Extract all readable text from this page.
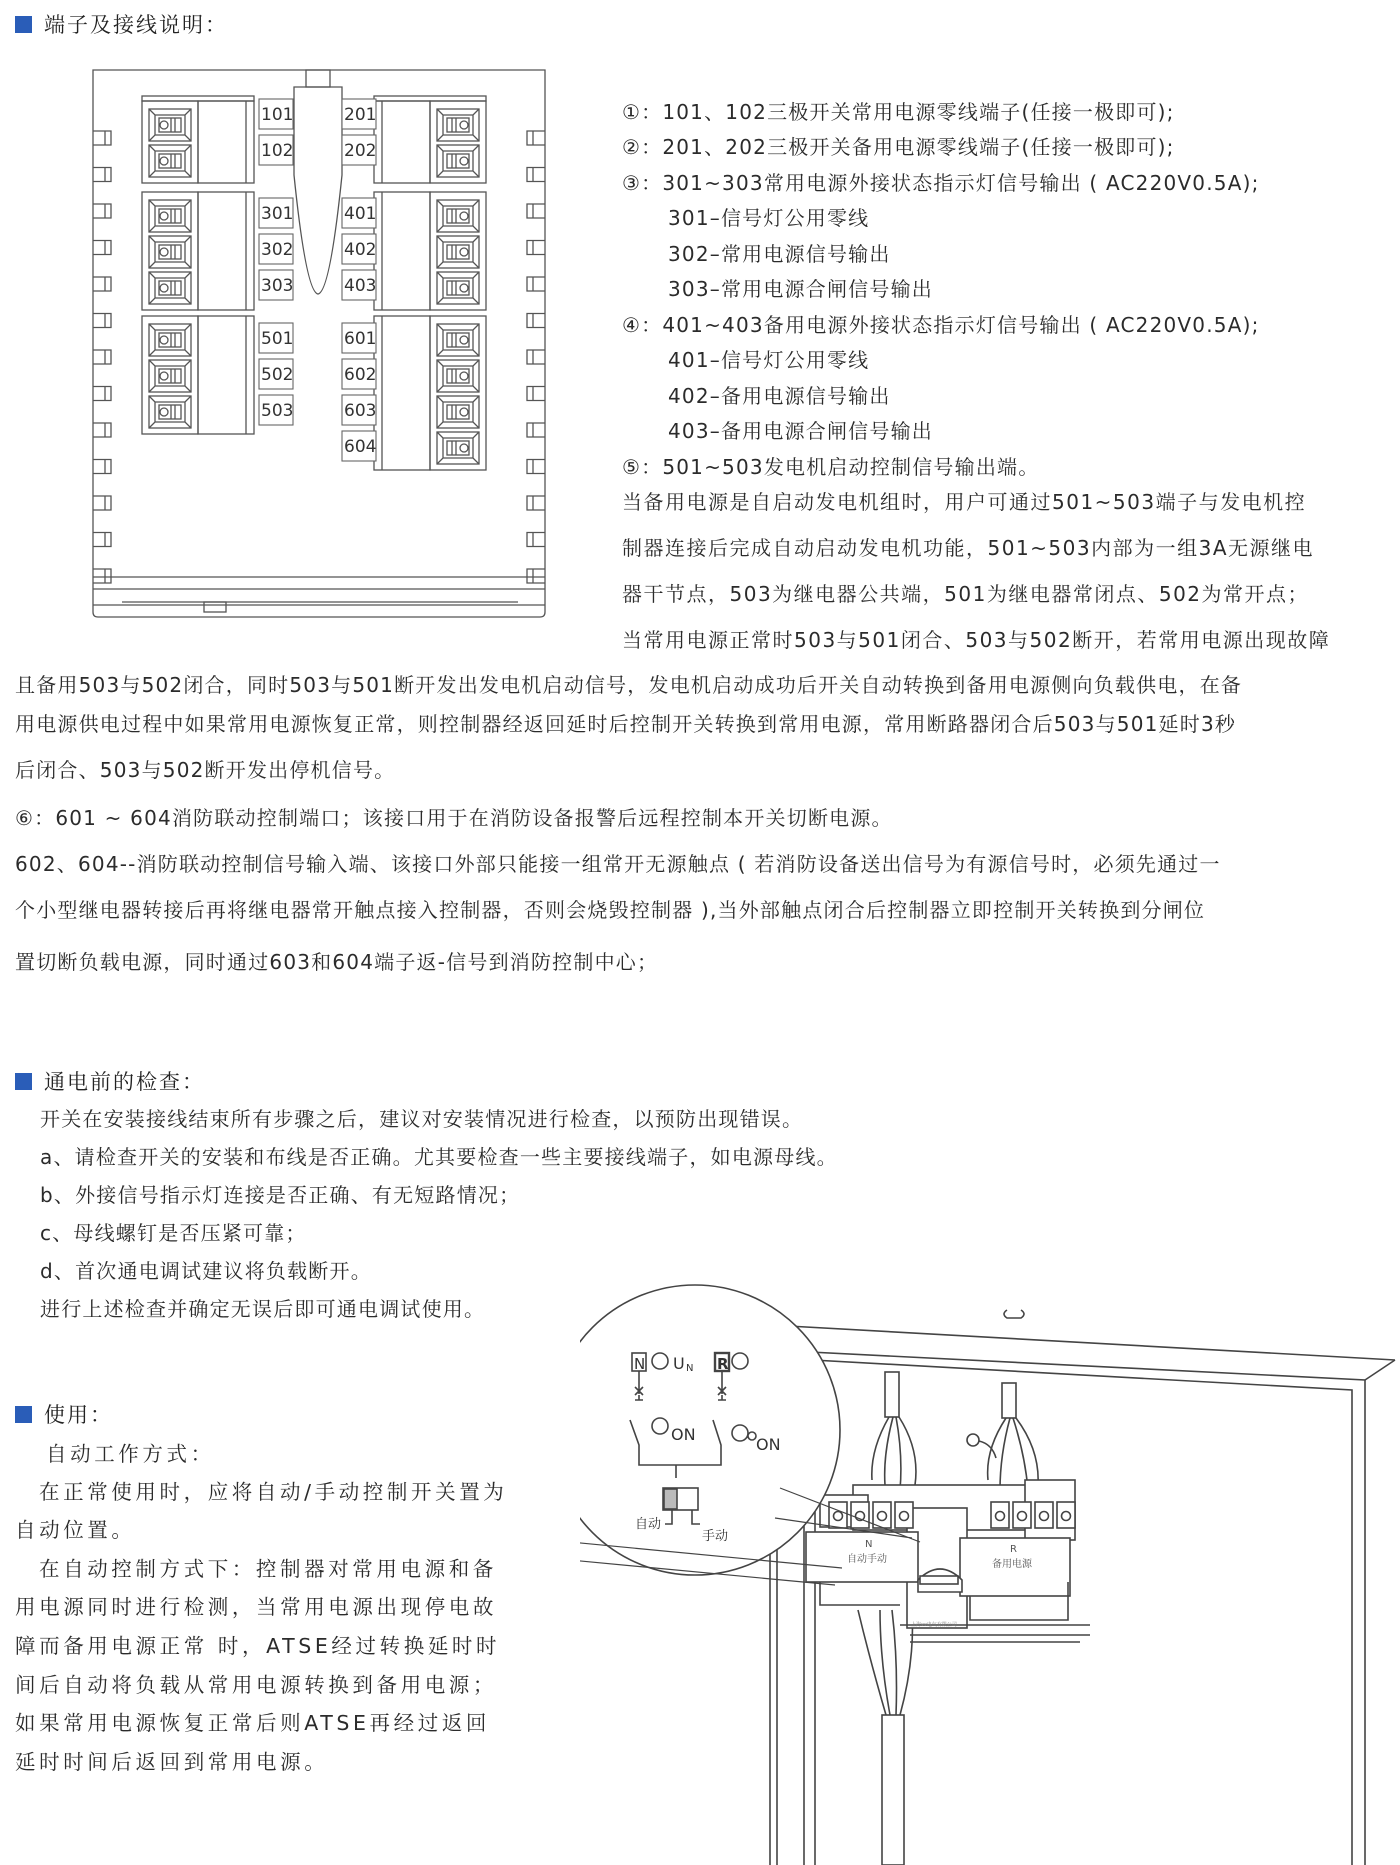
端子及接线说明：
101
102
301
302
303
501
502
503
201
202
401
402
403
601
602
603
604
①：101、102三极开关常用电源零线端子(任接一极即可);
②：201、202三极开关备用电源零线端子(任接一极即可);
③：301~303常用电源外接状态指示灯信号输出 ( AC220V0.5A);
301–信号灯公用零线
302–常用电源信号输出
303–常用电源合闸信号输出
④：401~403备用电源外接状态指示灯信号输出 ( AC220V0.5A);
401–信号灯公用零线
402–备用电源信号输出
403–备用电源合闸信号输出
⑤：501~503发电机启动控制信号输出端。
当备用电源是自启动发电机组时，用户可通过501~503端子与发电机控
制器连接后完成自动启动发电机功能，501~503内部为一组3A无源继电
器干节点，503为继电器公共端，501为继电器常闭点、502为常开点；
当常用电源正常时503与501闭合、503与502断开，若常用电源出现故障
且备用503与502闭合，同时503与501断开发出发电机启动信号，发电机启动成功后开关自动转换到备用电源侧向负载供电，在备
用电源供电过程中如果常用电源恢复正常，则控制器经返回延时后控制开关转换到常用电源，常用断路器闭合后503与501延时3秒
后闭合、503与502断开发出停机信号。
⑥：601 ~ 604消防联动控制端口；该接口用于在消防设备报警后远程控制本开关切断电源。
602、604--消防联动控制信号输入端、该接口外部只能接一组常开无源触点 ( 若消防设备送出信号为有源信号时，必须先通过一
个小型继电器转接后再将继电器常开触点接入控制器，否则会烧毁控制器 ),当外部触点闭合后控制器立即控制开关转换到分闸位
置切断负载电源，同时通过603和604端子返-信号到消防控制中心；
通电前的检查：
开关在安装接线结束所有步骤之后，建议对安装情况进行检查，以预防出现错误。
a、请检查开关的安装和布线是否正确。尤其要检查一些主要接线端子，如电源母线。
b、外接信号指示灯连接是否正确、有无短路情况；
c、母线螺钉是否压紧可靠；
d、首次通电调试建议将负载断开。
进行上述检查并确定无误后即可通电调试使用。
使用：
自动工作方式：
在正常使用时，应将自动/手动控制开关置为
自动位置。
在自动控制方式下：控制器对常用电源和备
用电源同时进行检测，当常用电源出现停电故
障而备用电源正常 时，ATSE经过转换延时时
间后自动将负载从常用电源转换到备用电源；
如果常用电源恢复正常后则ATSE再经过返回
延时时间后返回到常用电源。
N U N R
ON
ON
自动
手动
N
自动手动
R
备用电源
上海xx电气有限公司
